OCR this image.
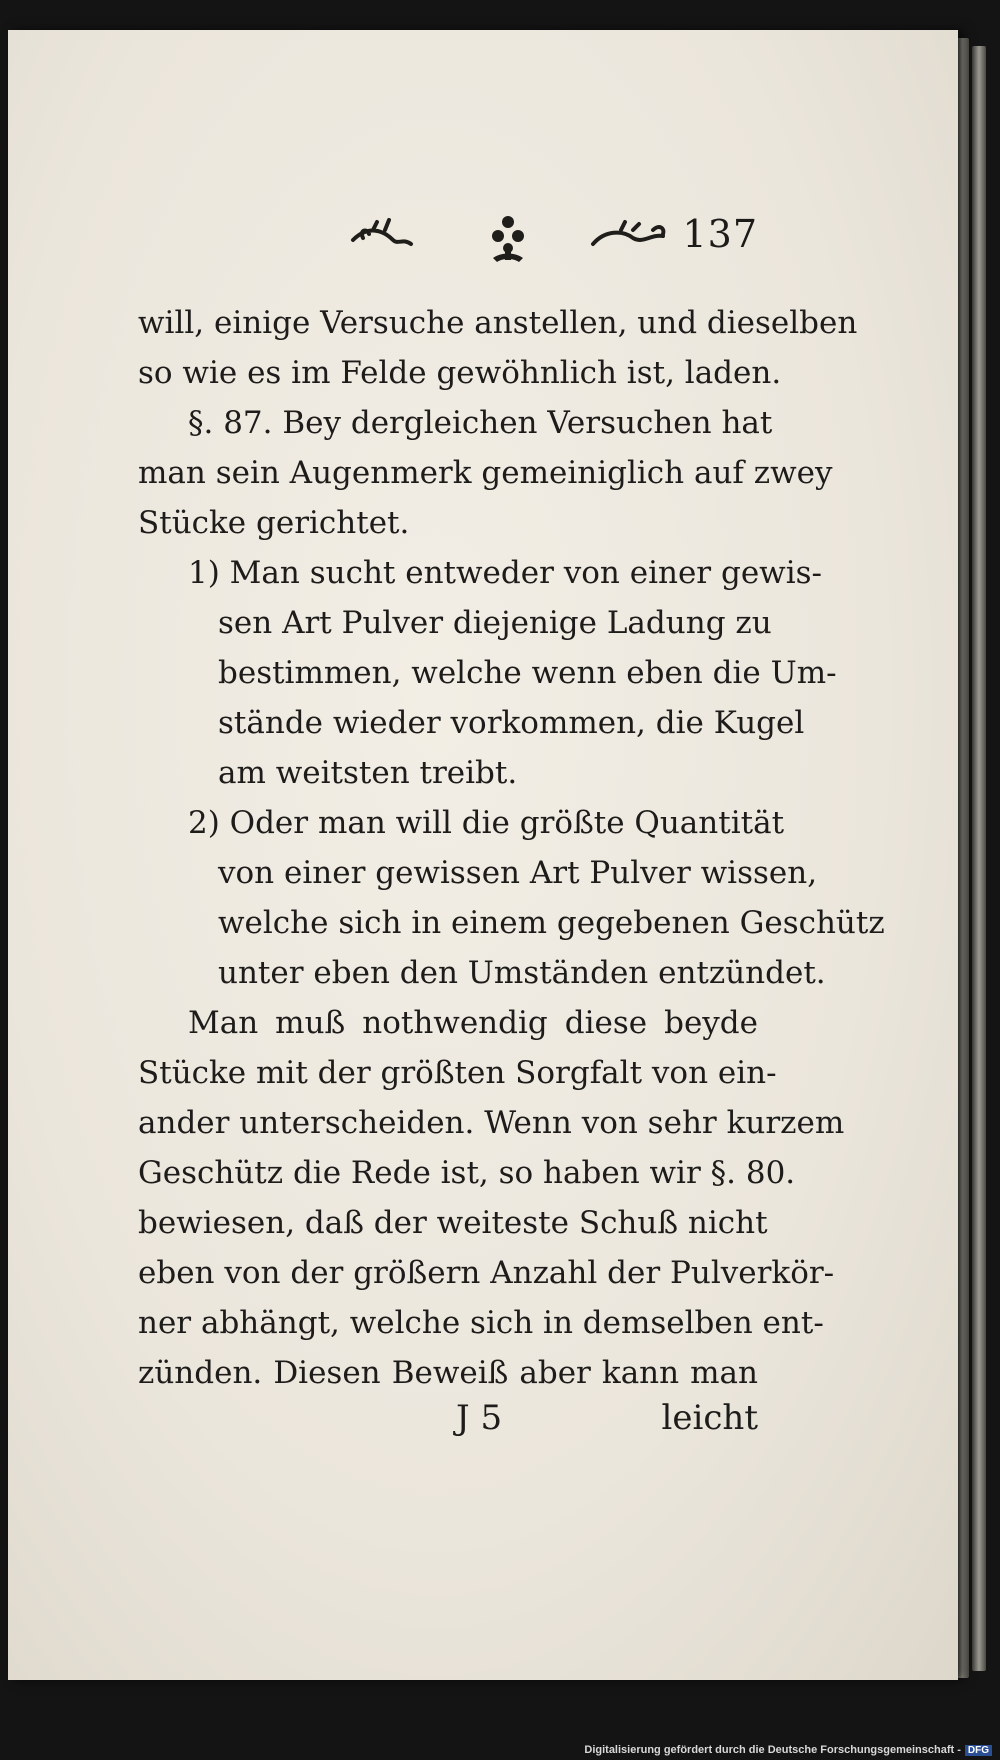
137
will, einige Versuche anstellen, und dieselben
so wie es im Felde gewöhnlich ist, laden.
§. 87. Bey dergleichen Versuchen hat
man sein Augenmerk gemeiniglich auf zwey
Stücke gerichtet.
1) Man sucht entweder von einer gewis-
sen Art Pulver diejenige Ladung zu
bestimmen, welche wenn eben die Um-
stände wieder vorkommen, die Kugel
am weitsten treibt.
2) Oder man will die größte Quantität
von einer gewissen Art Pulver wissen,
welche sich in einem gegebenen Geschütz
unter eben den Umständen entzündet.
Man muß nothwendig diese beyde
Stücke mit der größten Sorgfalt von ein-
ander unterscheiden. Wenn von sehr kurzem
Geschütz die Rede ist, so haben wir §. 80.
bewiesen, daß der weiteste Schuß nicht
eben von der größern Anzahl der Pulverkör-
ner abhängt, welche sich in demselben ent-
zünden. Diesen Beweiß aber kann man
J 5	leicht
Digitalisierung gefördert durch die Deutsche Forschungsgemeinschaft - DFG
